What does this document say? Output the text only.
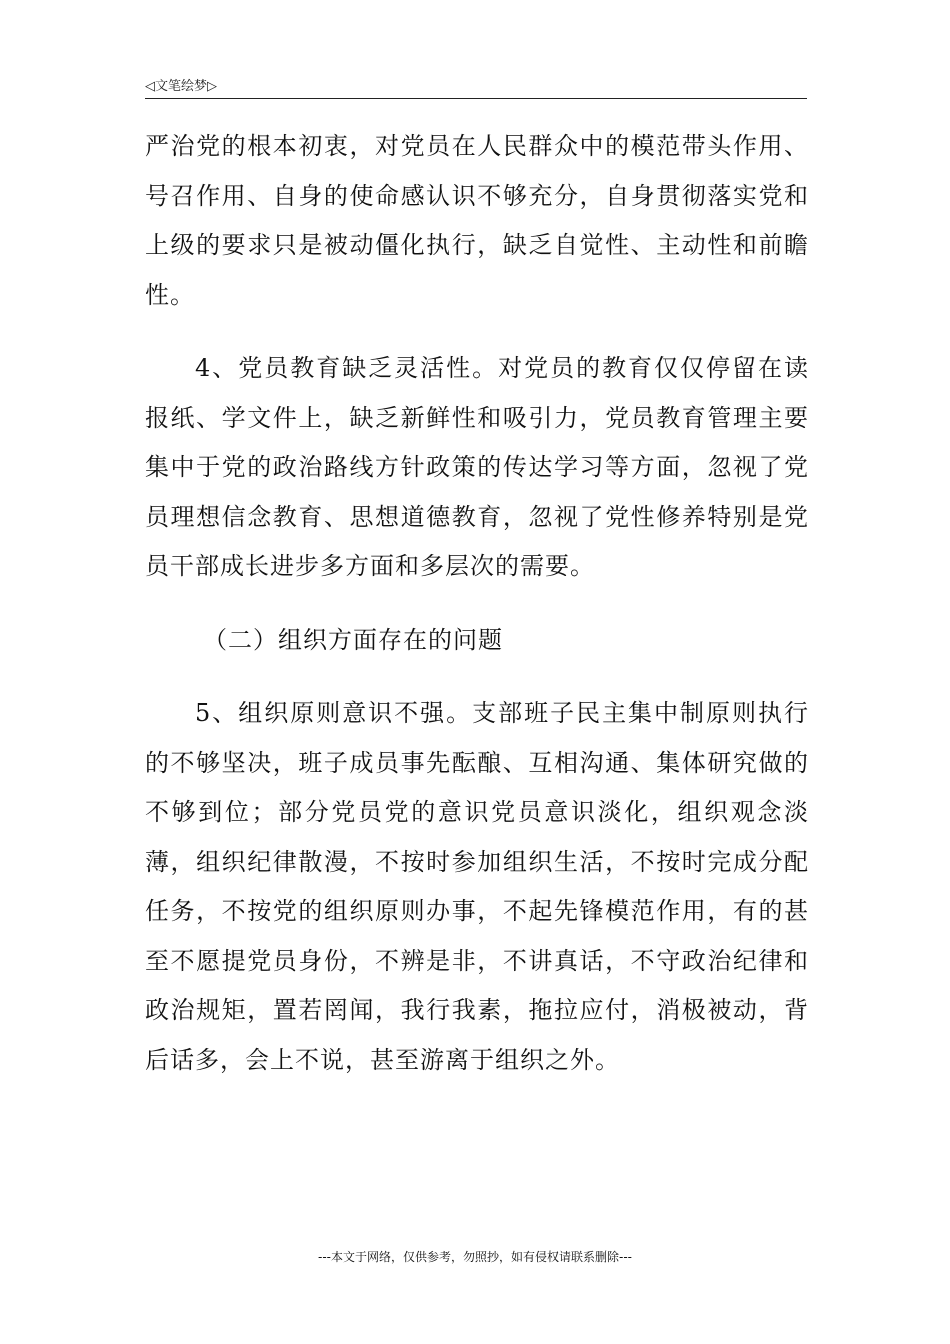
◁文笔绘梦▷

严治党的根本初衷，对党员在人民群众中的模范带头作用、号召作用、自身的使命感认识不够充分，自身贯彻落实党和上级的要求只是被动僵化执行，缺乏自觉性、主动性和前瞻性。

4、党员教育缺乏灵活性。对党员的教育仅仅停留在读报纸、学文件上，缺乏新鲜性和吸引力，党员教育管理主要集中于党的政治路线方针政策的传达学习等方面，忽视了党员理想信念教育、思想道德教育，忽视了党性修养特别是党员干部成长进步多方面和多层次的需要。

（二）组织方面存在的问题

5、组织原则意识不强。支部班子民主集中制原则执行的不够坚决，班子成员事先酝酿、互相沟通、集体研究做的不够到位；部分党员党的意识党员意识淡化，组织观念淡薄，组织纪律散漫，不按时参加组织生活，不按时完成分配任务，不按党的组织原则办事，不起先锋模范作用，有的甚至不愿提党员身份，不辨是非，不讲真话，不守政治纪律和政治规矩，置若罔闻，我行我素，拖拉应付，消极被动，背后话多，会上不说，甚至游离于组织之外。

---本文于网络，仅供参考，勿照抄，如有侵权请联系删除---
